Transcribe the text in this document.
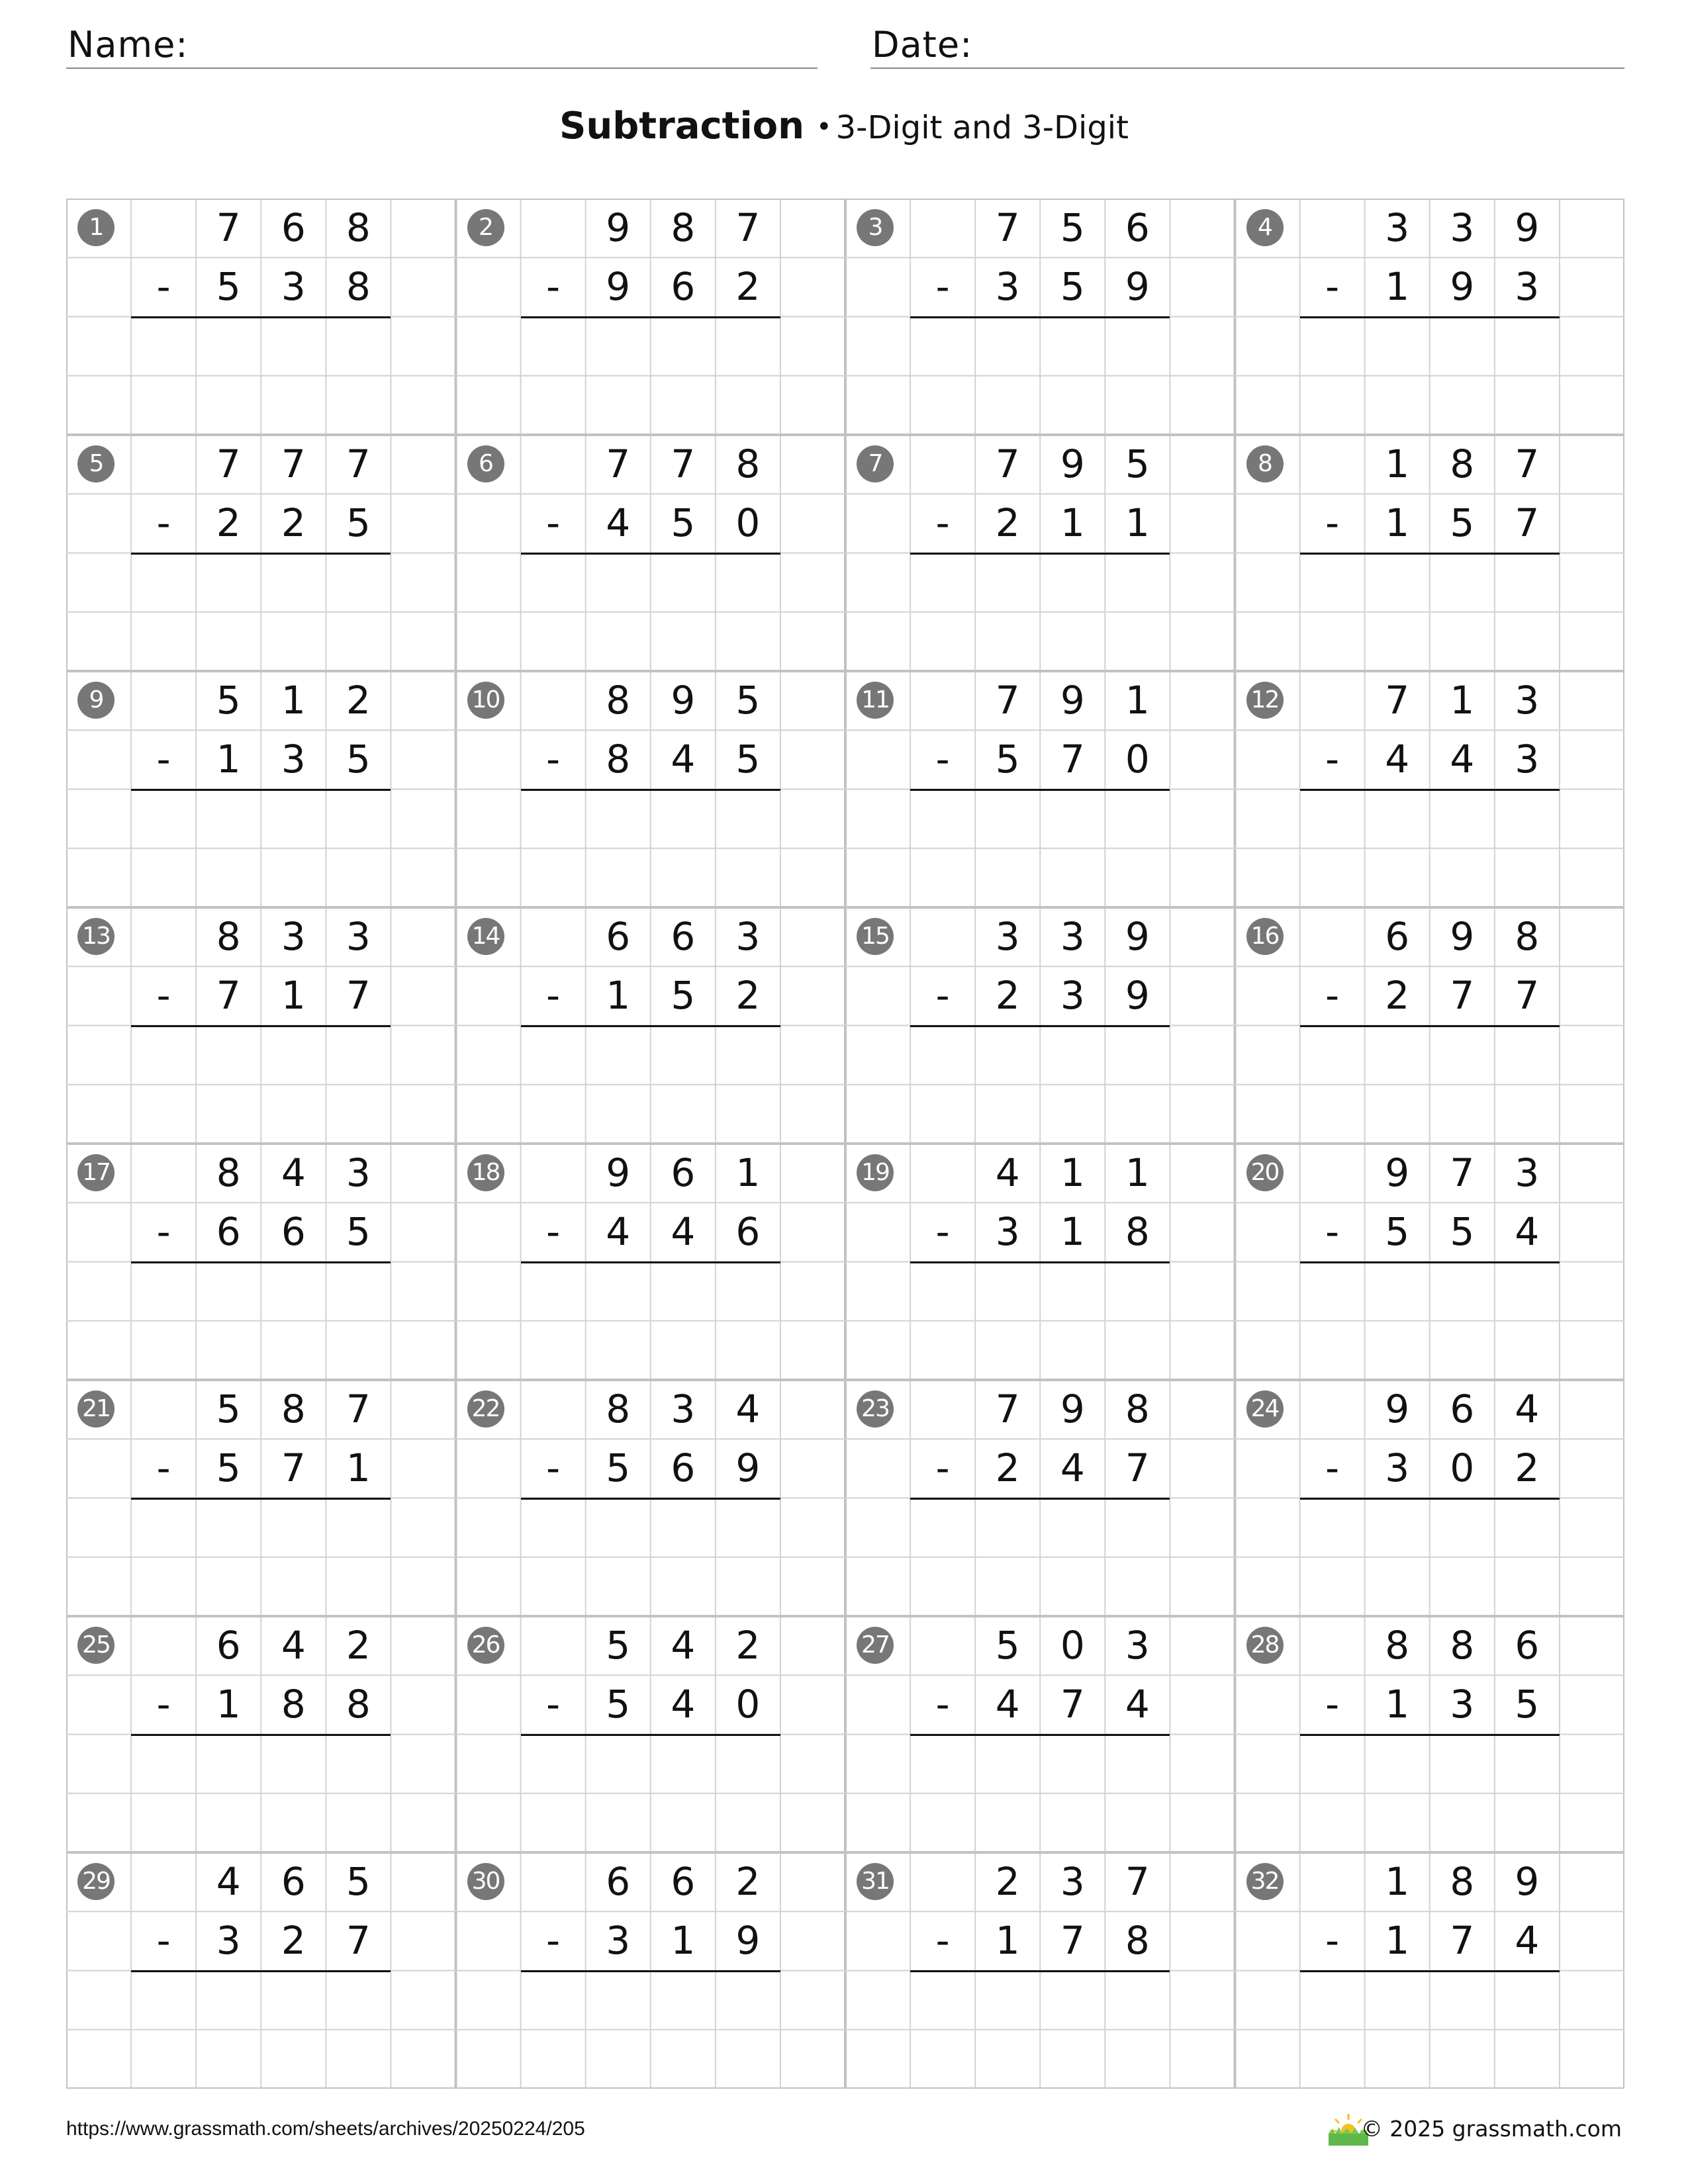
Name:	Date:
Subtraction • 3-Digit and 3-Digit
1	7	6	8
-	5	3	8
2	9	8	7
-	9	6	2
3	7	5	6
-	3	5	9
4	3	3	9
-	1	9	3
5	7	7	7
-	2	2	5
6	7	7	8
-	4	5	0
7	7	9	5
-	2	1	1
8	1	8	7
-	1	5	7
9	5	1	2
-	1	3	5
10	8	9	5
-	8	4	5
11	7	9	1
-	5	7	0
12	7	1	3
-	4	4	3
13	8	3	3
-	7	1	7
14	6	6	3
-	1	5	2
15	3	3	9
-	2	3	9
16	6	9	8
-	2	7	7
17	8	4	3
-	6	6	5
18	9	6	1
-	4	4	6
19	4	1	1
-	3	1	8
20	9	7	3
-	5	5	4
21	5	8	7
-	5	7	1
22	8	3	4
-	5	6	9
23	7	9	8
-	2	4	7
24	9	6	4
-	3	0	2
25	6	4	2
-	1	8	8
26	5	4	2
-	5	4	0
27	5	0	3
-	4	7	4
28	8	8	6
-	1	3	5
29	4	6	5
-	3	2	7
30	6	6	2
-	3	1	9
31	2	3	7
-	1	7	8
32	1	8	9
-	1	7	4
https://www.grassmath.com/sheets/archives/20250224/205	© 2025 grassmath.com
